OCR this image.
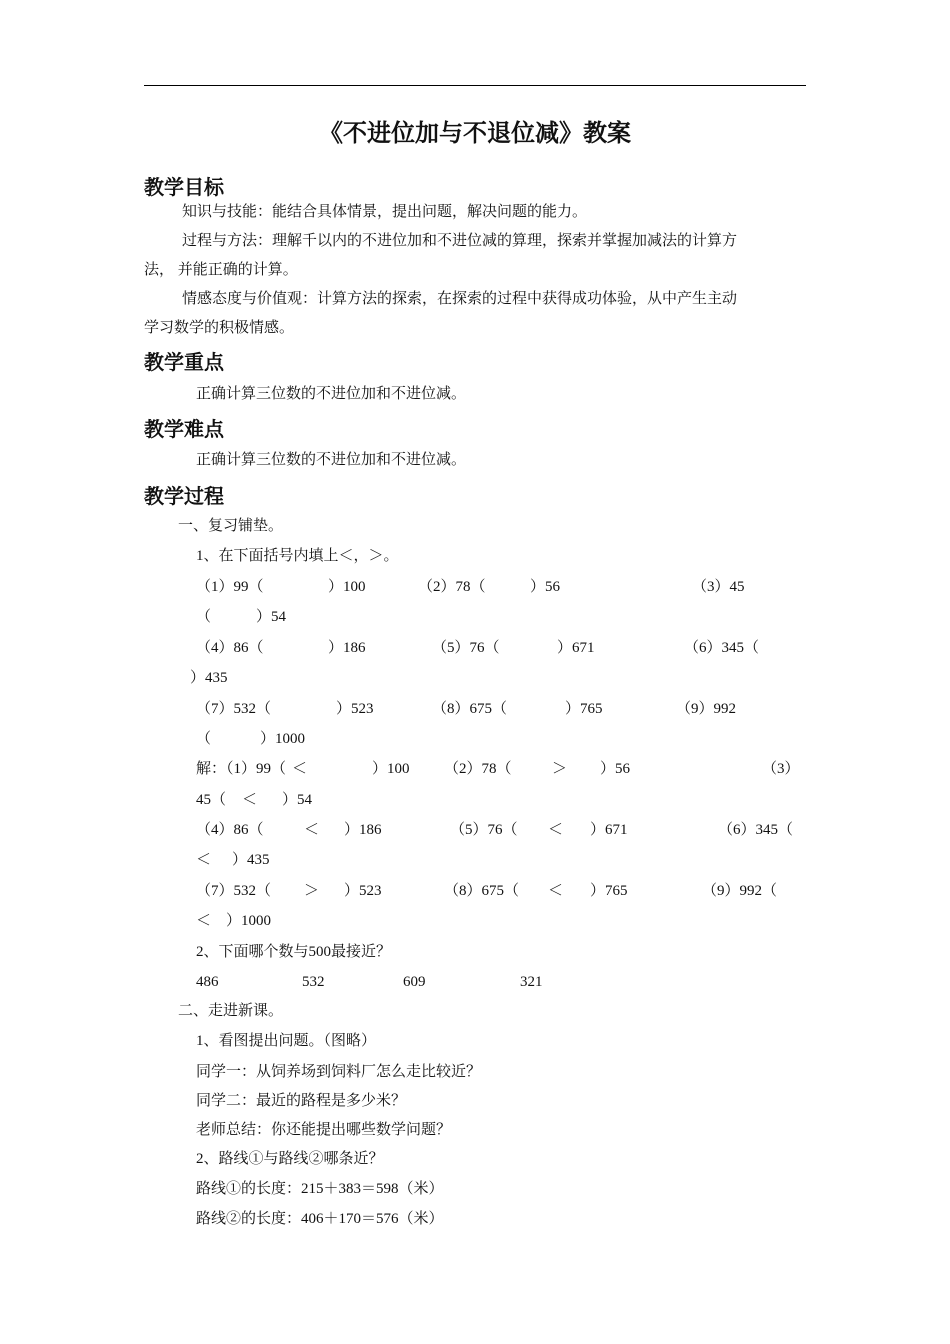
《不进位加与不退位减》教案
教学目标
知识与技能：能结合具体情景，提出问题，解决问题的能力。
过程与方法：理解千以内的不进位加和不进位减的算理，探索并掌握加减法的计算方
法， 并能正确的计算。
情感态度与价值观：计算方法的探索，在探索的过程中获得成功体验，从中产生主动
学习数学的积极情感。
教学重点
正确计算三位数的不进位加和不进位减。
教学难点
正确计算三位数的不进位加和不进位减。
教学过程
一、复习铺垫。
1、在下面括号内填上＜，＞。
（1）99（	）100	（2）78（	）56	（3）45
（	）54
（4）86（	）186	（5）76（	）671	（6）345（
）435
（7）532（	）523	（8）675（	）765	（9）992
（	）1000
解：（1）99（ ＜	）100 （2）78（	＞ ）56	（3）
45（ ＜ ）54
（4）86（	＜ ）186	（5）76（ ＜ ）671	（6）345（
＜ ）435
（7）532（ ＞ ）523	（8）675（ ＜ ）765	（9）992（
＜ ）1000
2、下面哪个数与500最接近？
486	532	609	321
二、走进新课。
1、看图提出问题。（图略）
同学一：从饲养场到饲料厂怎么走比较近？
同学二：最近的路程是多少米？
老师总结：你还能提出哪些数学问题？
2、路线①与路线②哪条近？
路线①的长度：215＋383＝598（米）
路线②的长度：406＋170＝576（米）
